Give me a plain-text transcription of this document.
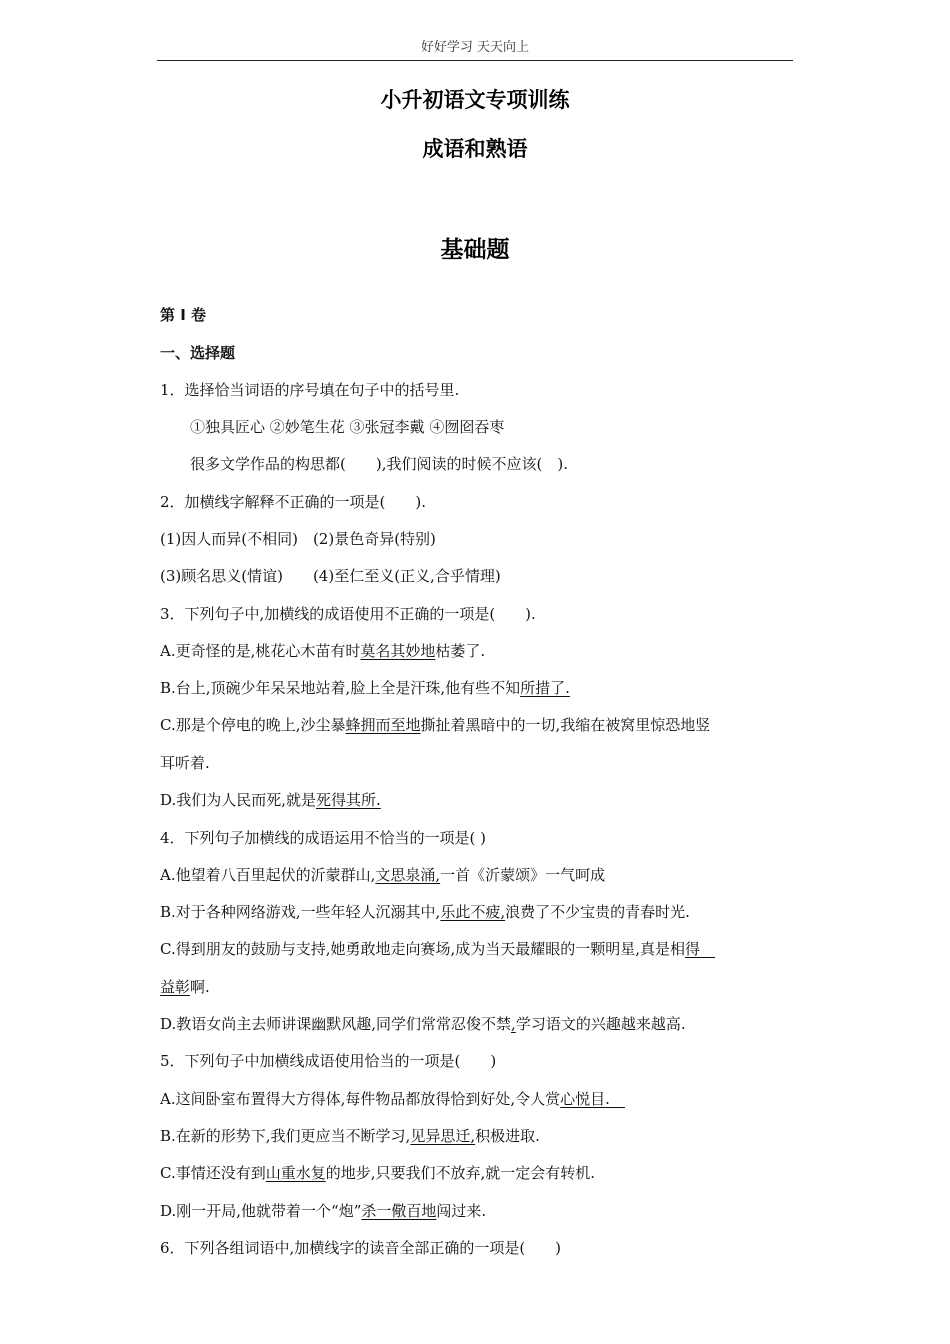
好好学习 天天向上
小升初语文专项训练
成语和熟语
基础题
第 I 卷
一、选择题
1．选择恰当词语的序号填在句子中的括号里.
　　①独具匠心 ②妙笔生花 ③张冠李戴 ④囫囵吞枣
　　很多文学作品的构思都(　　),我们阅读的时候不应该(　).
2．加横线字解释不正确的一项是(　　).
(1)因人而异(不相同)　(2)景色奇异(特别)
(3)顾名思义(情谊)　　(4)至仁至义(正义,合乎情理)
3．下列句子中,加横线的成语使用不正确的一项是(　　).
A.更奇怪的是,桃花心木苗有时莫名其妙地枯萎了.
B.台上,顶碗少年呆呆地站着,脸上全是汗珠,他有些不知所措了.
C.那是个停电的晚上,沙尘暴蜂拥而至地撕扯着黑暗中的一切,我缩在被窝里惊恐地竖
耳听着.
D.我们为人民而死,就是死得其所.
4．下列句子加横线的成语运用不恰当的一项是( )
A.他望着八百里起伏的沂蒙群山,文思泉涌,一首《沂蒙颂》一气呵成
B.对于各种网络游戏,一些年轻人沉溺其中,乐此不疲,浪费了不少宝贵的青春时光.
C.得到朋友的鼓励与支持,她勇敢地走向赛场,成为当天最耀眼的一颗明星,真是相得　
益彰啊.
D.教语女尚主去师讲课幽默风趣,同学们常常忍俊不禁,学习语文的兴趣越来越高.
5．下列句子中加横线成语使用恰当的一项是(　　)
A.这间卧室布置得大方得体,每件物品都放得恰到好处,令人赏心悦目.　
B.在新的形势下,我们更应当不断学习,见异思迁,积极进取.
C.事情还没有到山重水复的地步,只要我们不放弃,就一定会有转机.
D.刚一开局,他就带着一个“炮”杀一儆百地闯过来.
6．下列各组词语中,加横线字的读音全部正确的一项是(　　)
